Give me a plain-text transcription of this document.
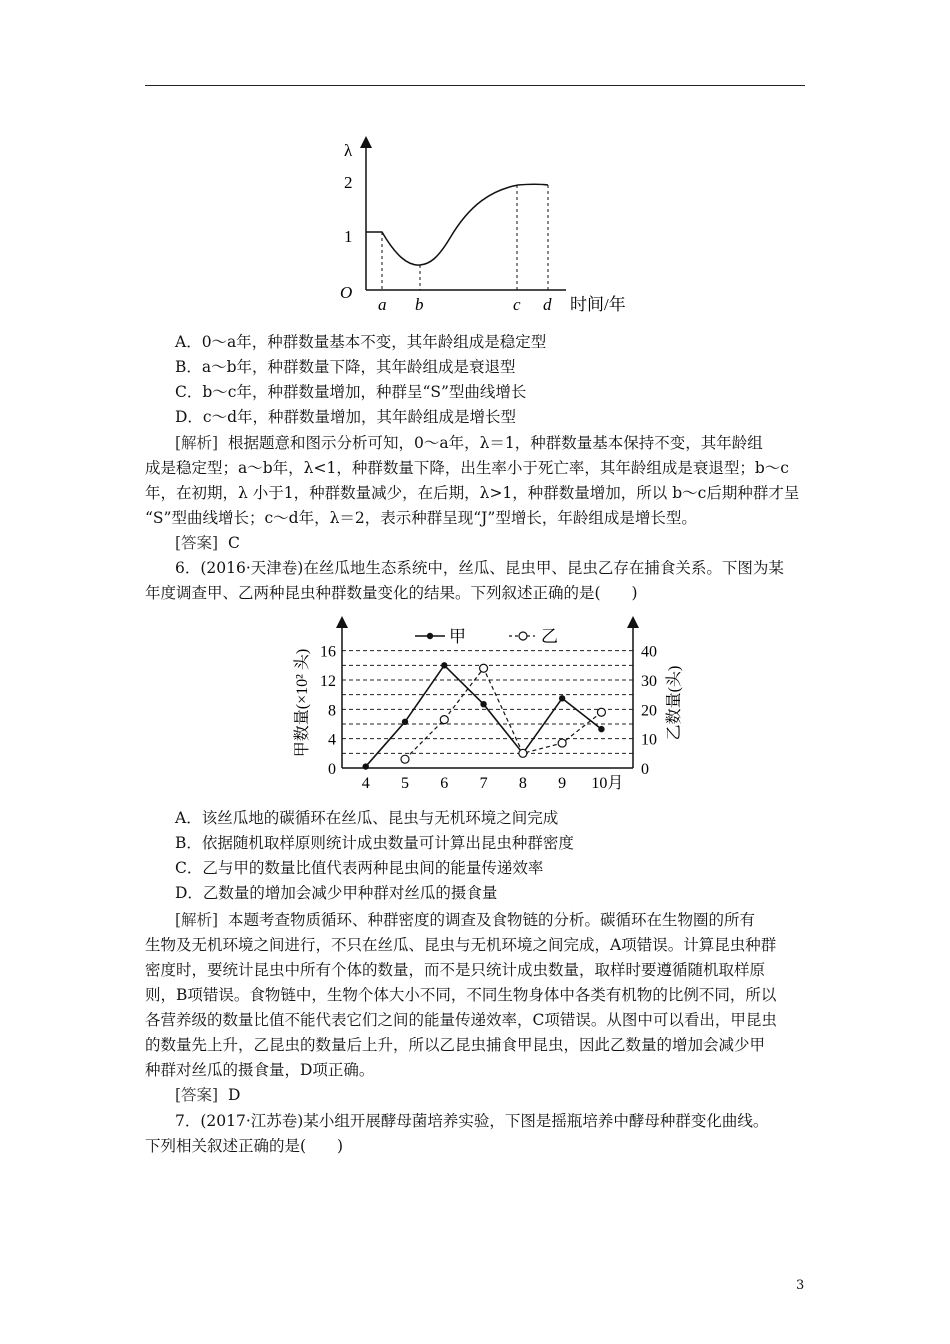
λ
2
1
O
a b	c d 时间/年
A．0～a年，种群数量基本不变，其年龄组成是稳定型
B．a～b年，种群数量下降，其年龄组成是衰退型
C．b～c年，种群数量增加，种群呈“S”型曲线增长
D．c～d年，种群数量增加，其年龄组成是增长型
[解析] 根据题意和图示分析可知，0～a年，λ＝1，种群数量基本保持不变，其年龄组
成是稳定型；a～b年，λ<1，种群数量下降，出生率小于死亡率，其年龄组成是衰退型；b～c
年，在初期，λ 小于1，种群数量减少，在后期，λ>1，种群数量增加，所以 b～c后期种群才呈
“S”型曲线增长；c～d年，λ＝2，表示种群呈现“J”型增长，年龄组成是增长型。
[答案] C
6．(2016·天津卷)在丝瓜地生态系统中，丝瓜、昆虫甲、昆虫乙存在捕食关系。下图为某
年度调查甲、乙两种昆虫种群数量变化的结果。下列叙述正确的是(　　)
0
4
8
12
16
0
10
20
30
40
4 5 6 7 8 9 10月
甲数量(×10² 头)	乙数量(头)
甲	乙
A．该丝瓜地的碳循环在丝瓜、昆虫与无机环境之间完成
B．依据随机取样原则统计成虫数量可计算出昆虫种群密度
C．乙与甲的数量比值代表两种昆虫间的能量传递效率
D．乙数量的增加会减少甲种群对丝瓜的摄食量
[解析] 本题考查物质循环、种群密度的调查及食物链的分析。碳循环在生物圈的所有
生物及无机环境之间进行，不只在丝瓜、昆虫与无机环境之间完成，A项错误。计算昆虫种群
密度时，要统计昆虫中所有个体的数量，而不是只统计成虫数量，取样时要遵循随机取样原
则，B项错误。食物链中，生物个体大小不同，不同生物身体中各类有机物的比例不同，所以
各营养级的数量比值不能代表它们之间的能量传递效率，C项错误。从图中可以看出，甲昆虫
的数量先上升，乙昆虫的数量后上升，所以乙昆虫捕食甲昆虫，因此乙数量的增加会减少甲
种群对丝瓜的摄食量，D项正确。
[答案] D
7．(2017·江苏卷)某小组开展酵母菌培养实验，下图是摇瓶培养中酵母种群变化曲线。
下列相关叙述正确的是(　　)
3
